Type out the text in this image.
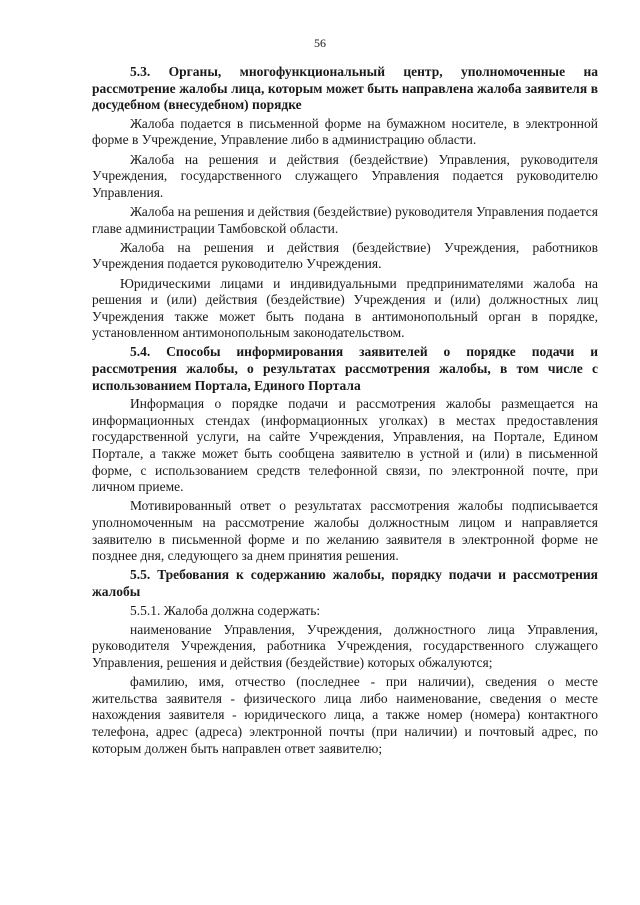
56

5.3. Органы, многофункциональный центр, уполномоченные на рассмотрение жалобы лица, которым может быть направлена жалоба заявителя в досудебном (внесудебном) порядке

Жалоба подается в письменной форме на бумажном носителе, в электронной форме в Учреждение, Управление либо в администрацию области.

Жалоба на решения и действия (бездействие) Управления, руководителя Учреждения, государственного служащего Управления подается руководителю Управления.

Жалоба на решения и действия (бездействие) руководителя Управления подается главе администрации Тамбовской области.

Жалоба на решения и действия (бездействие) Учреждения, работников Учреждения подается руководителю Учреждения.

Юридическими лицами и индивидуальными предпринимателями жалоба на решения и (или) действия (бездействие) Учреждения и (или) должностных лиц Учреждения также может быть подана в антимонопольный орган в порядке, установленном антимонопольным законодательством.

5.4. Способы информирования заявителей о порядке подачи и рассмотрения жалобы, о результатах рассмотрения жалобы, в том числе с использованием Портала, Единого Портала

Информация о порядке подачи и рассмотрения жалобы размещается на информационных стендах (информационных уголках) в местах предоставления государственной услуги, на сайте Учреждения, Управления, на Портале, Едином Портале, а также может быть сообщена заявителю в устной и (или) в письменной форме, с использованием средств телефонной связи, по электронной почте, при личном приеме.

Мотивированный ответ о результатах рассмотрения жалобы подписывается уполномоченным на рассмотрение жалобы должностным лицом и направляется заявителю в письменной форме и по желанию заявителя в электронной форме не позднее дня, следующего за днем принятия решения.

5.5. Требования к содержанию жалобы, порядку подачи и рассмотрения жалобы

5.5.1. Жалоба должна содержать:

наименование Управления, Учреждения, должностного лица Управления, руководителя Учреждения, работника Учреждения, государственного служащего Управления, решения и действия (бездействие) которых обжалуются;

фамилию, имя, отчество (последнее - при наличии), сведения о месте жительства заявителя - физического лица либо наименование, сведения о месте нахождения заявителя - юридического лица, а также номер (номера) контактного телефона, адрес (адреса) электронной почты (при наличии) и почтовый адрес, по которым должен быть направлен ответ заявителю;
